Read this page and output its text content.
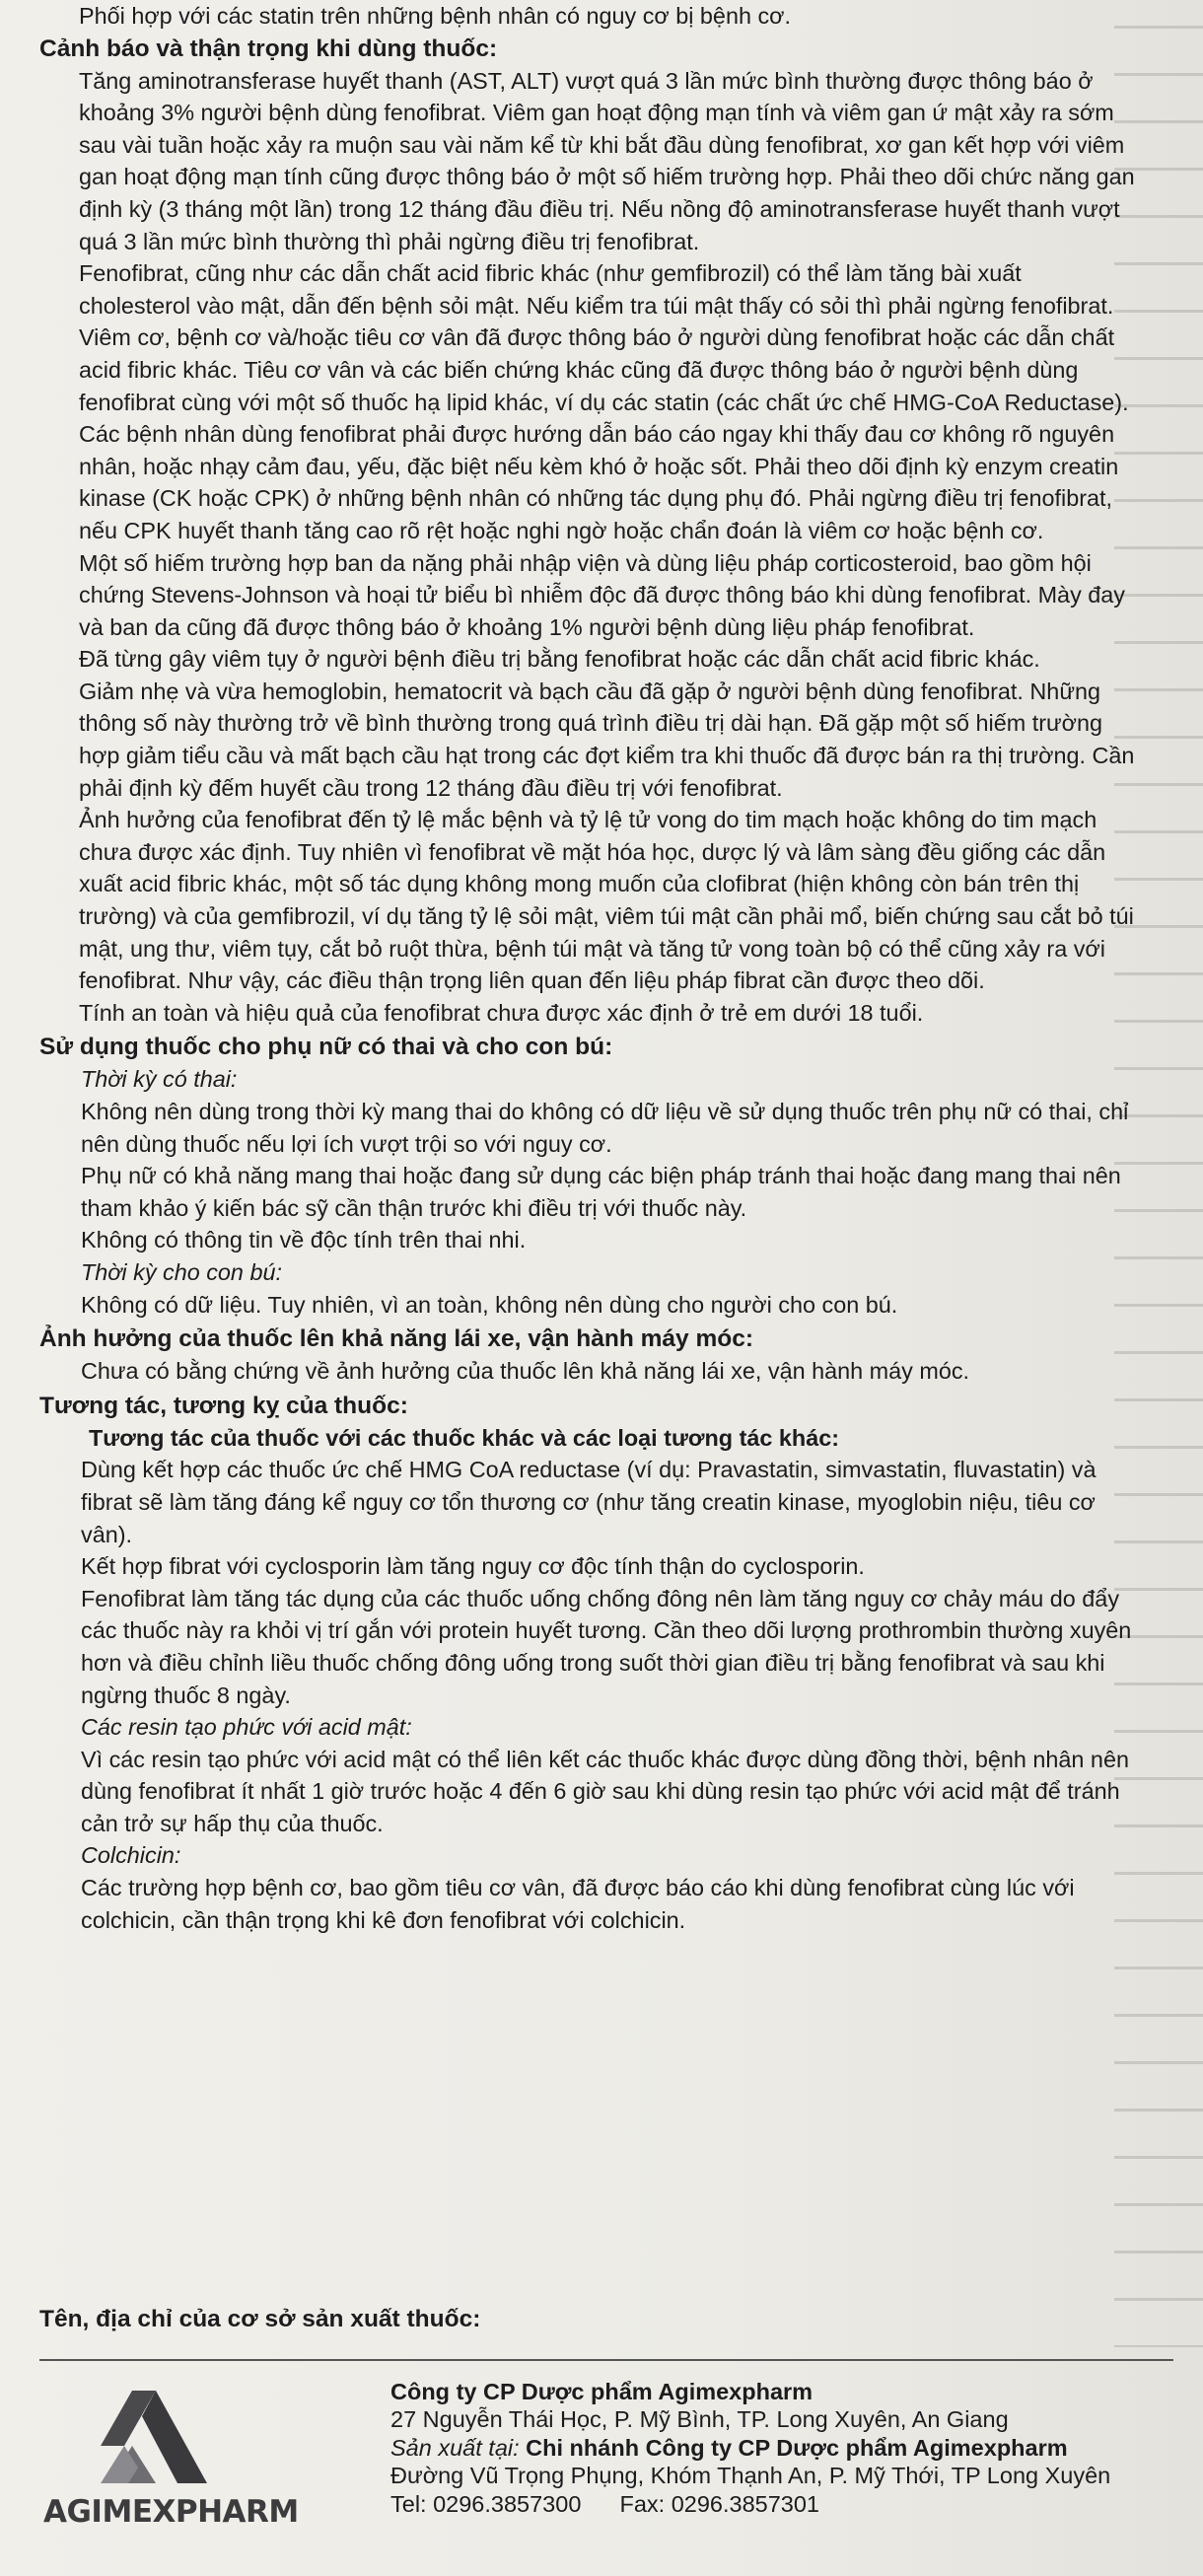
Phối hợp với các statin trên những bệnh nhân có nguy cơ bị bệnh cơ.

Cảnh báo và thận trọng khi dùng thuốc:

Tăng aminotransferase huyết thanh (AST, ALT) vượt quá 3 lần mức bình thường được thông báo ở khoảng 3% người bệnh dùng fenofibrat. Viêm gan hoạt động mạn tính và viêm gan ứ mật xảy ra sớm sau vài tuần hoặc xảy ra muộn sau vài năm kể từ khi bắt đầu dùng fenofibrat, xơ gan kết hợp với viêm gan hoạt động mạn tính cũng được thông báo ở một số hiếm trường hợp. Phải theo dõi chức năng gan định kỳ (3 tháng một lần) trong 12 tháng đầu điều trị. Nếu nồng độ aminotransferase huyết thanh vượt quá 3 lần mức bình thường thì phải ngừng điều trị fenofibrat.

Fenofibrat, cũng như các dẫn chất acid fibric khác (như gemfibrozil) có thể làm tăng bài xuất cholesterol vào mật, dẫn đến bệnh sỏi mật. Nếu kiểm tra túi mật thấy có sỏi thì phải ngừng fenofibrat.

Viêm cơ, bệnh cơ và/hoặc tiêu cơ vân đã được thông báo ở người dùng fenofibrat hoặc các dẫn chất acid fibric khác. Tiêu cơ vân và các biến chứng khác cũng đã được thông báo ở người bệnh dùng fenofibrat cùng với một số thuốc hạ lipid khác, ví dụ các statin (các chất ức chế HMG-CoA Reductase). Các bệnh nhân dùng fenofibrat phải được hướng dẫn báo cáo ngay khi thấy đau cơ không rõ nguyên nhân, hoặc nhạy cảm đau, yếu, đặc biệt nếu kèm khó ở hoặc sốt. Phải theo dõi định kỳ enzym creatin kinase (CK hoặc CPK) ở những bệnh nhân có những tác dụng phụ đó. Phải ngừng điều trị fenofibrat, nếu CPK huyết thanh tăng cao rõ rệt hoặc nghi ngờ hoặc chẩn đoán là viêm cơ hoặc bệnh cơ.

Một số hiếm trường hợp ban da nặng phải nhập viện và dùng liệu pháp corticosteroid, bao gồm hội chứng Stevens-Johnson và hoại tử biểu bì nhiễm độc đã được thông báo khi dùng fenofibrat. Mày đay và ban da cũng đã được thông báo ở khoảng 1% người bệnh dùng liệu pháp fenofibrat.

Đã từng gây viêm tụy ở người bệnh điều trị bằng fenofibrat hoặc các dẫn chất acid fibric khác.

Giảm nhẹ và vừa hemoglobin, hematocrit và bạch cầu đã gặp ở người bệnh dùng fenofibrat. Những thông số này thường trở về bình thường trong quá trình điều trị dài hạn. Đã gặp một số hiếm trường hợp giảm tiểu cầu và mất bạch cầu hạt trong các đợt kiểm tra khi thuốc đã được bán ra thị trường. Cần phải định kỳ đếm huyết cầu trong 12 tháng đầu điều trị với fenofibrat.

Ảnh hưởng của fenofibrat đến tỷ lệ mắc bệnh và tỷ lệ tử vong do tim mạch hoặc không do tim mạch chưa được xác định. Tuy nhiên vì fenofibrat về mặt hóa học, dược lý và lâm sàng đều giống các dẫn xuất acid fibric khác, một số tác dụng không mong muốn của clofibrat (hiện không còn bán trên thị trường) và của gemfibrozil, ví dụ tăng tỷ lệ sỏi mật, viêm túi mật cần phải mổ, biến chứng sau cắt bỏ túi mật, ung thư, viêm tụy, cắt bỏ ruột thừa, bệnh túi mật và tăng tử vong toàn bộ có thể cũng xảy ra với fenofibrat. Như vậy, các điều thận trọng liên quan đến liệu pháp fibrat cần được theo dõi.

Tính an toàn và hiệu quả của fenofibrat chưa được xác định ở trẻ em dưới 18 tuổi.

Sử dụng thuốc cho phụ nữ có thai và cho con bú:

Thời kỳ có thai:

Không nên dùng trong thời kỳ mang thai do không có dữ liệu về sử dụng thuốc trên phụ nữ có thai, chỉ nên dùng thuốc nếu lợi ích vượt trội so với nguy cơ.

Phụ nữ có khả năng mang thai hoặc đang sử dụng các biện pháp tránh thai hoặc đang mang thai nên tham khảo ý kiến bác sỹ cần thận trước khi điều trị với thuốc này.

Không có thông tin về độc tính trên thai nhi.

Thời kỳ cho con bú:

Không có dữ liệu. Tuy nhiên, vì an toàn, không nên dùng cho người cho con bú.

Ảnh hưởng của thuốc lên khả năng lái xe, vận hành máy móc:

Chưa có bằng chứng về ảnh hưởng của thuốc lên khả năng lái xe, vận hành máy móc.

Tương tác, tương kỵ của thuốc:

Tương tác của thuốc với các thuốc khác và các loại tương tác khác:

Dùng kết hợp các thuốc ức chế HMG CoA reductase (ví dụ: Pravastatin, simvastatin, fluvastatin) và fibrat sẽ làm tăng đáng kể nguy cơ tổn thương cơ (như tăng creatin kinase, myoglobin niệu, tiêu cơ vân).

Kết hợp fibrat với cyclosporin làm tăng nguy cơ độc tính thận do cyclosporin.

Fenofibrat làm tăng tác dụng của các thuốc uống chống đông nên làm tăng nguy cơ chảy máu do đẩy các thuốc này ra khỏi vị trí gắn với protein huyết tương. Cần theo dõi lượng prothrombin thường xuyên hơn và điều chỉnh liều thuốc chống đông uống trong suốt thời gian điều trị bằng fenofibrat và sau khi ngừng thuốc 8 ngày.

Các resin tạo phức với acid mật:

Vì các resin tạo phức với acid mật có thể liên kết các thuốc khác được dùng đồng thời, bệnh nhân nên dùng fenofibrat ít nhất 1 giờ trước hoặc 4 đến 6 giờ sau khi dùng resin tạo phức với acid mật để tránh cản trở sự hấp thụ của thuốc.

Colchicin:

Các trường hợp bệnh cơ, bao gồm tiêu cơ vân, đã được báo cáo khi dùng fenofibrat cùng lúc với colchicin, cần thận trọng khi kê đơn fenofibrat với colchicin.

Tên, địa chỉ của cơ sở sản xuất thuốc:
AGIMEXPHARM
Công ty CP Dược phẩm Agimexpharm
27 Nguyễn Thái Học, P. Mỹ Bình, TP. Long Xuyên, An Giang
Sản xuất tại: Chi nhánh Công ty CP Dược phẩm Agimexpharm
Đường Vũ Trọng Phụng, Khóm Thạnh An, P. Mỹ Thới, TP Long Xuyên
Tel: 0296.3857300 Fax: 0296.3857301
